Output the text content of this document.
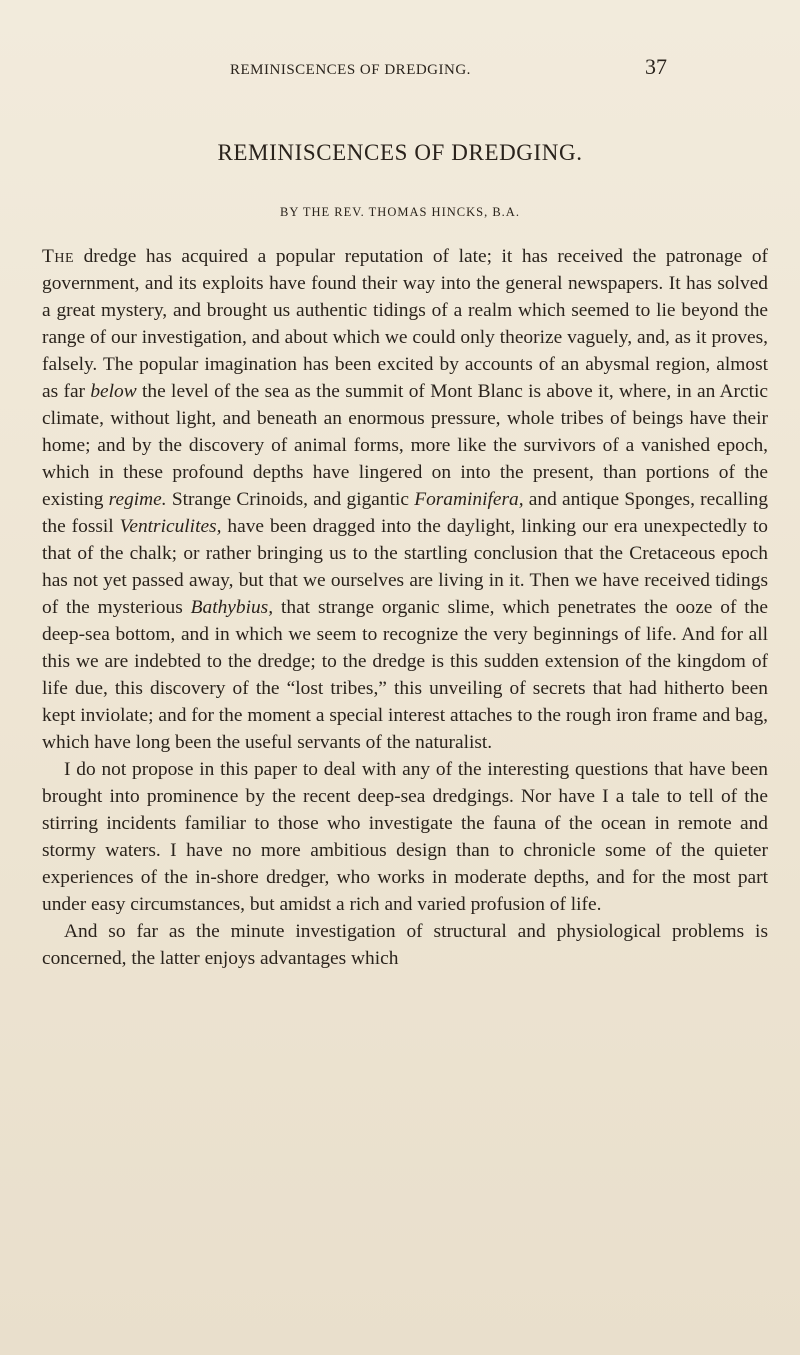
REMINISCENCES OF DREDGING.	37
REMINISCENCES OF DREDGING.
BY THE REV. THOMAS HINCKS, B.A.

The dredge has acquired a popular reputation of late; it has received the patronage of government, and its exploits have found their way into the general newspapers. It has solved a great mystery, and brought us authentic tidings of a realm which seemed to lie beyond the range of our investigation, and about which we could only theorize vaguely, and, as it proves, falsely. The popular imagination has been excited by accounts of an abysmal region, almost as far below the level of the sea as the summit of Mont Blanc is above it, where, in an Arctic climate, without light, and beneath an enormous pressure, whole tribes of beings have their home; and by the discovery of animal forms, more like the survivors of a vanished epoch, which in these profound depths have lingered on into the present, than portions of the existing regime. Strange Crinoids, and gigantic Foraminifera, and antique Sponges, recalling the fossil Ventriculites, have been dragged into the daylight, linking our era unexpectedly to that of the chalk; or rather bringing us to the startling conclusion that the Cretaceous epoch has not yet passed away, but that we ourselves are living in it. Then we have received tidings of the mysterious Bathybius, that strange organic slime, which penetrates the ooze of the deep-sea bottom, and in which we seem to recognize the very beginnings of life. And for all this we are indebted to the dredge; to the dredge is this sudden extension of the kingdom of life due, this discovery of the “lost tribes,” this unveiling of secrets that had hitherto been kept inviolate; and for the moment a special interest attaches to the rough iron frame and bag, which have long been the useful servants of the naturalist.

I do not propose in this paper to deal with any of the interesting questions that have been brought into prominence by the recent deep-sea dredgings. Nor have I a tale to tell of the stirring incidents familiar to those who investigate the fauna of the ocean in remote and stormy waters. I have no more ambitious design than to chronicle some of the quieter experiences of the in-shore dredger, who works in moderate depths, and for the most part under easy circumstances, but amidst a rich and varied profusion of life.

And so far as the minute investigation of structural and physiological problems is concerned, the latter enjoys advantages which
